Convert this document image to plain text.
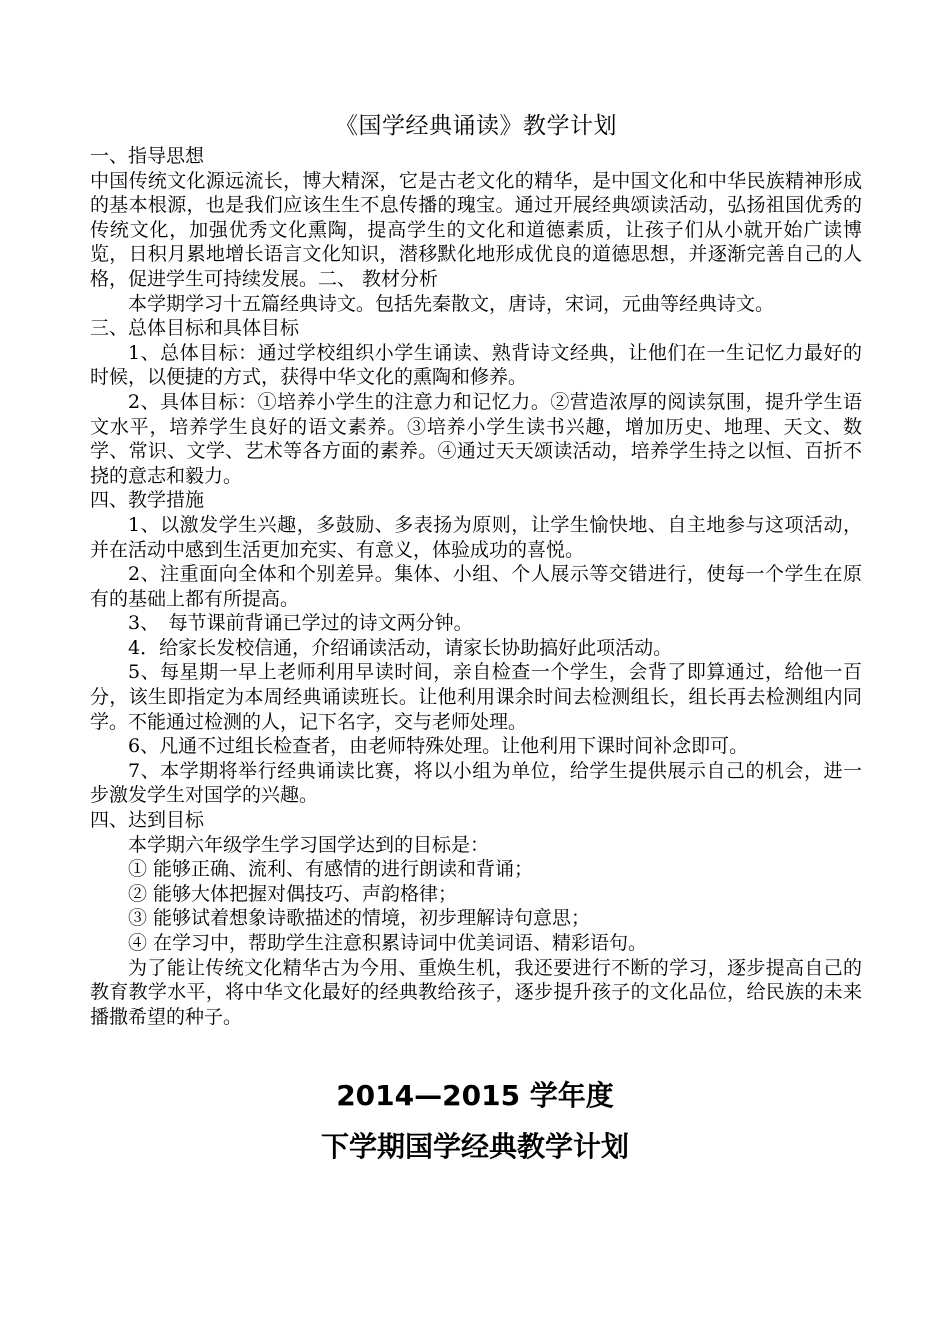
《国学经典诵读》教学计划

一、指导思想

中国传统文化源远流长，博大精深，它是古老文化的精华，是中国文化和中华民族精神形成的基本根源，也是我们应该生生不息传播的瑰宝。通过开展经典颂读活动，弘扬祖国优秀的传统文化，加强优秀文化熏陶，提高学生的文化和道德素质，让孩子们从小就开始广读博览，日积月累地增长语言文化知识，潜移默化地形成优良的道德思想，并逐渐完善自己的人格，促进学生可持续发展。二、 教材分析

本学期学习十五篇经典诗文。包括先秦散文，唐诗，宋词，元曲等经典诗文。

三、总体目标和具体目标

1、总体目标：通过学校组织小学生诵读、熟背诗文经典，让他们在一生记忆力最好的时候，以便捷的方式，获得中华文化的熏陶和修养。

2、具体目标：①培养小学生的注意力和记忆力。②营造浓厚的阅读氛围，提升学生语文水平，培养学生良好的语文素养。③培养小学生读书兴趣，增加历史、地理、天文、数学、常识、文学、艺术等各方面的素养。④通过天天颂读活动，培养学生持之以恒、百折不挠的意志和毅力。

四、教学措施

1、以激发学生兴趣，多鼓励、多表扬为原则，让学生愉快地、自主地参与这项活动，并在活动中感到生活更加充实、有意义，体验成功的喜悦。

2、注重面向全体和个别差异。集体、小组、个人展示等交错进行，使每一个学生在原有的基础上都有所提高。

3、　每节课前背诵已学过的诗文两分钟。

4．给家长发校信通，介绍诵读活动，请家长协助搞好此项活动。

5、每星期一早上老师利用早读时间，亲自检查一个学生，会背了即算通过，给他一百分，该生即指定为本周经典诵读班长。让他利用课余时间去检测组长，组长再去检测组内同学。不能通过检测的人，记下名字，交与老师处理。

6、凡通不过组长检查者，由老师特殊处理。让他利用下课时间补念即可。

7、本学期将举行经典诵读比赛，将以小组为单位，给学生提供展示自己的机会，进一步激发学生对国学的兴趣。

四、达到目标

本学期六年级学生学习国学达到的目标是：

① 能够正确、流利、有感情的进行朗读和背诵；

② 能够大体把握对偶技巧、声韵格律；

③ 能够试着想象诗歌描述的情境，初步理解诗句意思；

④ 在学习中，帮助学生注意积累诗词中优美词语、精彩语句。

为了能让传统文化精华古为今用、重焕生机，我还要进行不断的学习，逐步提高自己的教育教学水平，将中华文化最好的经典教给孩子，逐步提升孩子的文化品位，给民族的未来播撒希望的种子。

2014—2015 学年度

下学期国学经典教学计划
